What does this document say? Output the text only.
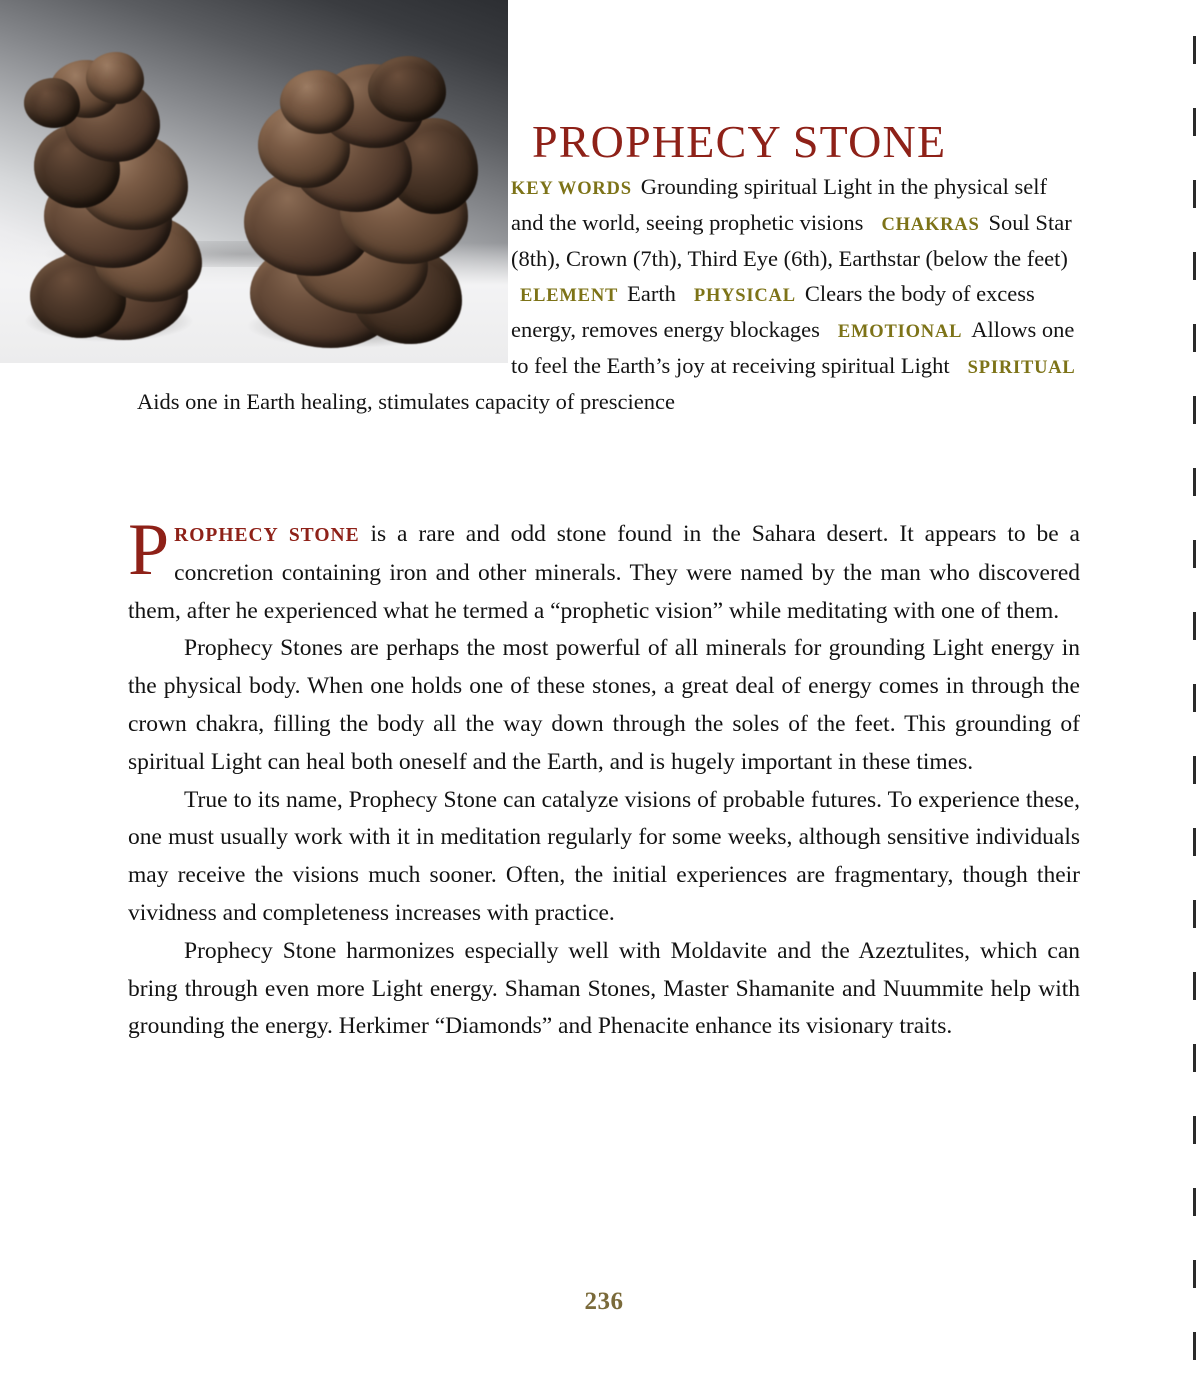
PROPHECY STONE
KEY WORDS Grounding spiritual Light in the physical self and the world, seeing prophetic visions CHAKRAS Soul Star (8th), Crown (7th), Third Eye (6th), Earthstar (below the feet)ELEMENT Earth PHYSICAL Clears the body of excess energy, removes energy blockages EMOTIONAL Allows one to feel the Earth’s joy at receiving spiritual Light SPIRITUALAids one in Earth healing, stimulates capacity of prescience

PROPHECY STONE is a rare and odd stone found in the Sahara desert. It appears to be a concretion containing iron and other minerals. They were named by the man who discovered them, after he experienced what he termed a “prophetic vision” while meditating with one of them.

Prophecy Stones are perhaps the most powerful of all minerals for grounding Light energy in the physical body. When one holds one of these stones, a great deal of energy comes in through the crown chakra, filling the body all the way down through the soles of the feet. This grounding of spiritual Light can heal both oneself and the Earth, and is hugely important in these times.

True to its name, Prophecy Stone can catalyze visions of probable futures. To experience these, one must usually work with it in meditation regularly for some weeks, although sensitive individuals may receive the visions much sooner. Often, the initial experiences are fragmentary, though their vividness and completeness increases with practice.

Prophecy Stone harmonizes especially well with Moldavite and the Azeztulites, which can bring through even more Light energy. Shaman Stones, Master Shamanite and Nuummite help with grounding the energy. Herkimer “Diamonds” and Phenacite enhance its visionary traits.

236
